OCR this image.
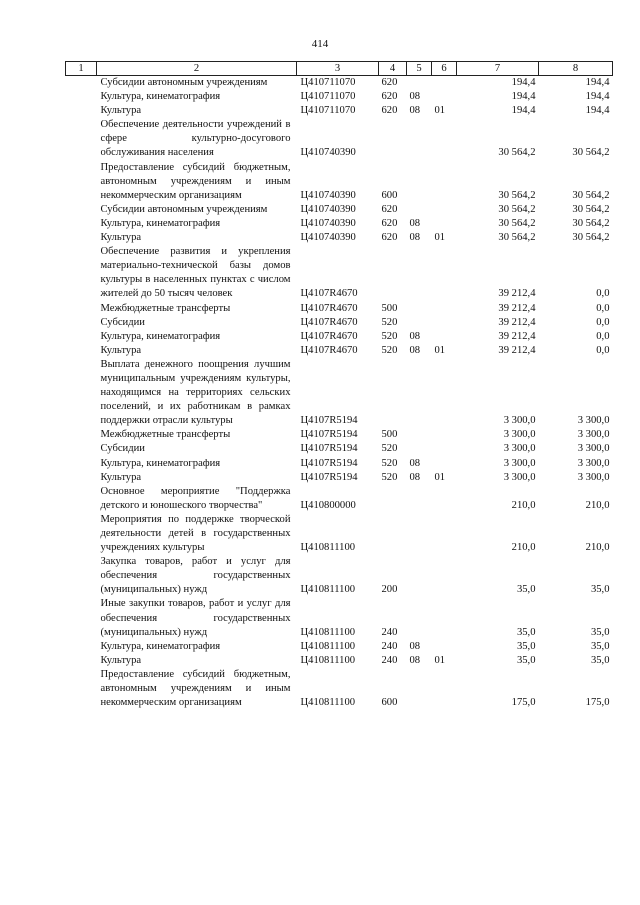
414
1	2	3	4	5	6	7	8
	Субсидии автономным учреждениям	Ц410711070	620			194,4	194,4
	Культура, кинематография	Ц410711070	620	08		194,4	194,4
	Культура	Ц410711070	620	08	01	194,4	194,4
	Обеспечение деятельности учреждений в сфере культурно-досугового обслуживания населения	Ц410740390				30 564,2	30 564,2
	Предоставление субсидий бюджетным, автономным учреждениям и иным некоммерческим организациям	Ц410740390	600			30 564,2	30 564,2
	Субсидии автономным учреждениям	Ц410740390	620			30 564,2	30 564,2
	Культура, кинематография	Ц410740390	620	08		30 564,2	30 564,2
	Культура	Ц410740390	620	08	01	30 564,2	30 564,2
	Обеспечение развития и укрепления материально-технической базы домов культуры в населенных пунктах с числом жителей до 50 тысяч человек	Ц4107R4670				39 212,4	0,0
	Межбюджетные трансферты	Ц4107R4670	500			39 212,4	0,0
	Субсидии	Ц4107R4670	520			39 212,4	0,0
	Культура, кинематография	Ц4107R4670	520	08		39 212,4	0,0
	Культура	Ц4107R4670	520	08	01	39 212,4	0,0
	Выплата денежного поощрения лучшим муниципальным учреждениям культуры, находящимся на территориях сельских поселений, и их работникам в рамках поддержки отрасли культуры	Ц4107R5194				3 300,0	3 300,0
	Межбюджетные трансферты	Ц4107R5194	500			3 300,0	3 300,0
	Субсидии	Ц4107R5194	520			3 300,0	3 300,0
	Культура, кинематография	Ц4107R5194	520	08		3 300,0	3 300,0
	Культура	Ц4107R5194	520	08	01	3 300,0	3 300,0
	Основное мероприятие "Поддержка детского и юношеского творчества"	Ц410800000				210,0	210,0
	Мероприятия по поддержке творческой деятельности детей в государственных учреждениях культуры	Ц410811100				210,0	210,0
	Закупка товаров, работ и услуг для обеспечения государственных (муниципальных) нужд	Ц410811100	200			35,0	35,0
	Иные закупки товаров, работ и услуг для обеспечения государственных (муниципальных) нужд	Ц410811100	240			35,0	35,0
	Культура, кинематография	Ц410811100	240	08		35,0	35,0
	Культура	Ц410811100	240	08	01	35,0	35,0
	Предоставление субсидий бюджетным, автономным учреждениям и иным некоммерческим организациям	Ц410811100	600			175,0	175,0
